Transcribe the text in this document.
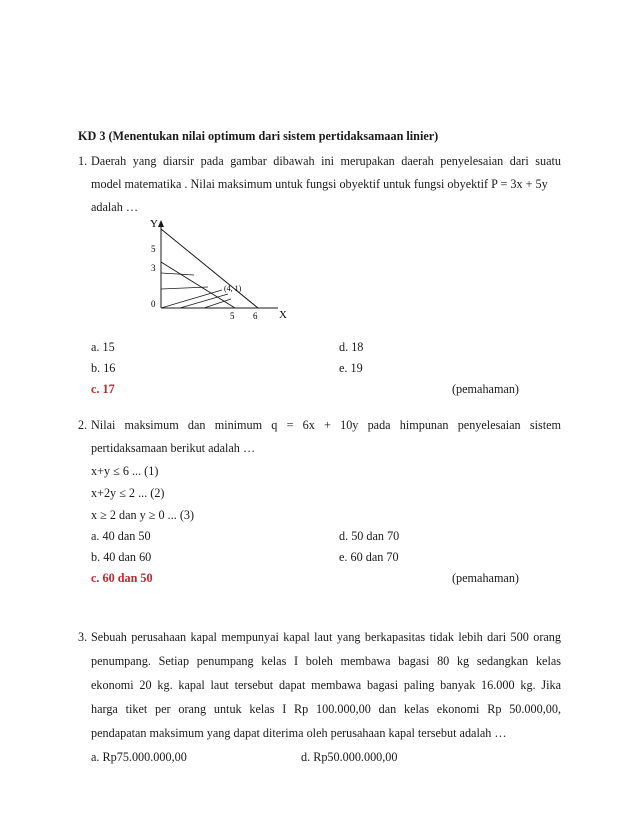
KD 3 (Menentukan nilai optimum dari sistem pertidaksamaan linier)
1. Daerah yang diarsir pada gambar dibawah ini merupakan daerah penyelesaian dari suatu
model matematika . Nilai maksimum untuk fungsi obyektif untuk fungsi obyektif P = 3x + 5y
adalah …
Y
5
3
0
5 6 X
(4, 1)
a. 15	d. 18
b. 16	e. 19
c. 17	(pemahaman)
2. Nilai maksimum dan minimum q = 6x + 10y pada himpunan penyelesaian sistem
pertidaksamaan berikut adalah …
x+y ≤ 6 ... (1)
x+2y ≤ 2 ... (2)
x ≥ 2 dan y ≥ 0 ... (3)
a. 40 dan 50	d. 50 dan 70
b. 40 dan 60	e. 60 dan 70
c. 60 dan 50	(pemahaman)
3. Sebuah perusahaan kapal mempunyai kapal laut yang berkapasitas tidak lebih dari 500 orang
penumpang. Setiap penumpang kelas I boleh membawa bagasi 80 kg sedangkan kelas
ekonomi 20 kg. kapal laut tersebut dapat membawa bagasi paling banyak 16.000 kg. Jika
harga tiket per orang untuk kelas I Rp 100.000,00 dan kelas ekonomi Rp 50.000,00,
pendapatan maksimum yang dapat diterima oleh perusahaan kapal tersebut adalah …
a. Rp75.000.000,00	d. Rp50.000.000,00
